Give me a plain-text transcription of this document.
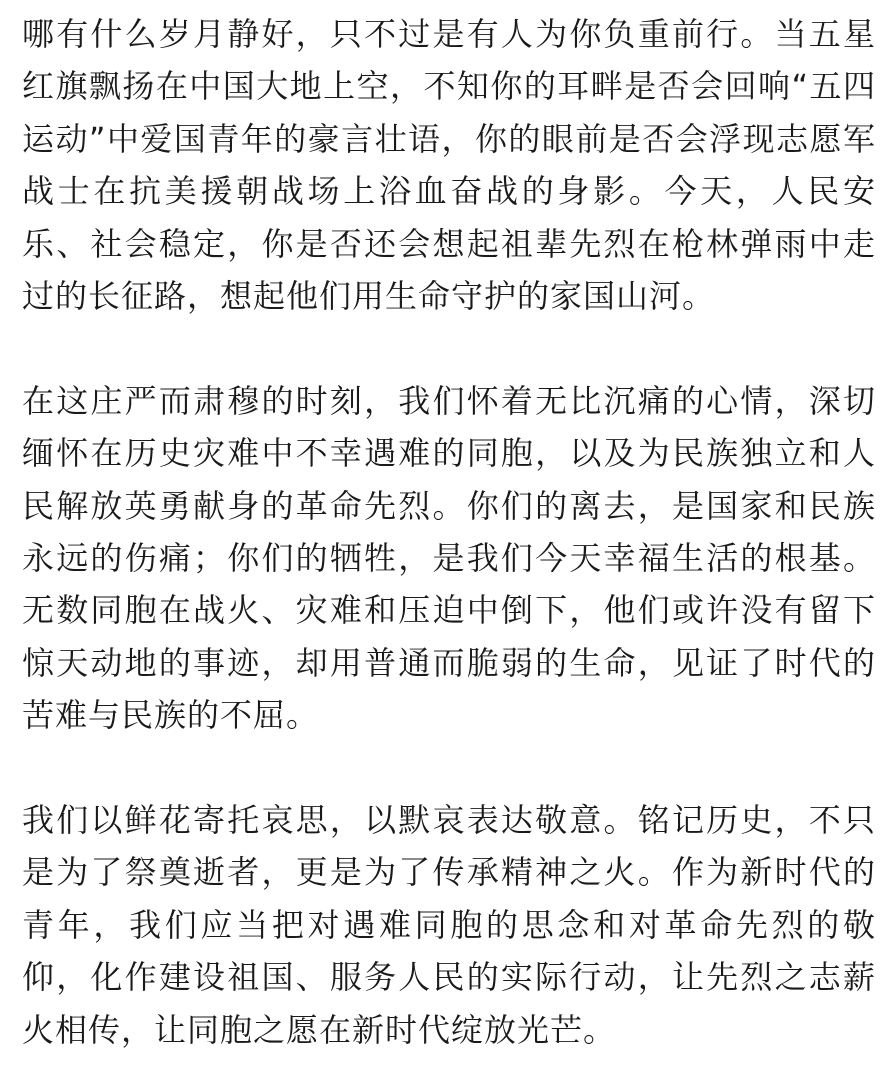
哪有什么岁月静好，只不过是有人为你负重前行。当五星红旗飘扬在中国大地上空，不知你的耳畔是否会回响“五四运动”中爱国青年的豪言壮语，你的眼前是否会浮现志愿军战士在抗美援朝战场上浴血奋战的身影。今天，人民安乐、社会稳定，你是否还会想起祖辈先烈在枪林弹雨中走过的长征路，想起他们用生命守护的家国山河。

在这庄严而肃穆的时刻，我们怀着无比沉痛的心情，深切缅怀在历史灾难中不幸遇难的同胞，以及为民族独立和人民解放英勇献身的革命先烈。你们的离去，是国家和民族永远的伤痛；你们的牺牲，是我们今天幸福生活的根基。无数同胞在战火、灾难和压迫中倒下，他们或许没有留下惊天动地的事迹，却用普通而脆弱的生命，见证了时代的苦难与民族的不屈。

我们以鲜花寄托哀思，以默哀表达敬意。铭记历史，不只是为了祭奠逝者，更是为了传承精神之火。作为新时代的青年，我们应当把对遇难同胞的思念和对革命先烈的敬仰，化作建设祖国、服务人民的实际行动，让先烈之志薪火相传，让同胞之愿在新时代绽放光芒。
